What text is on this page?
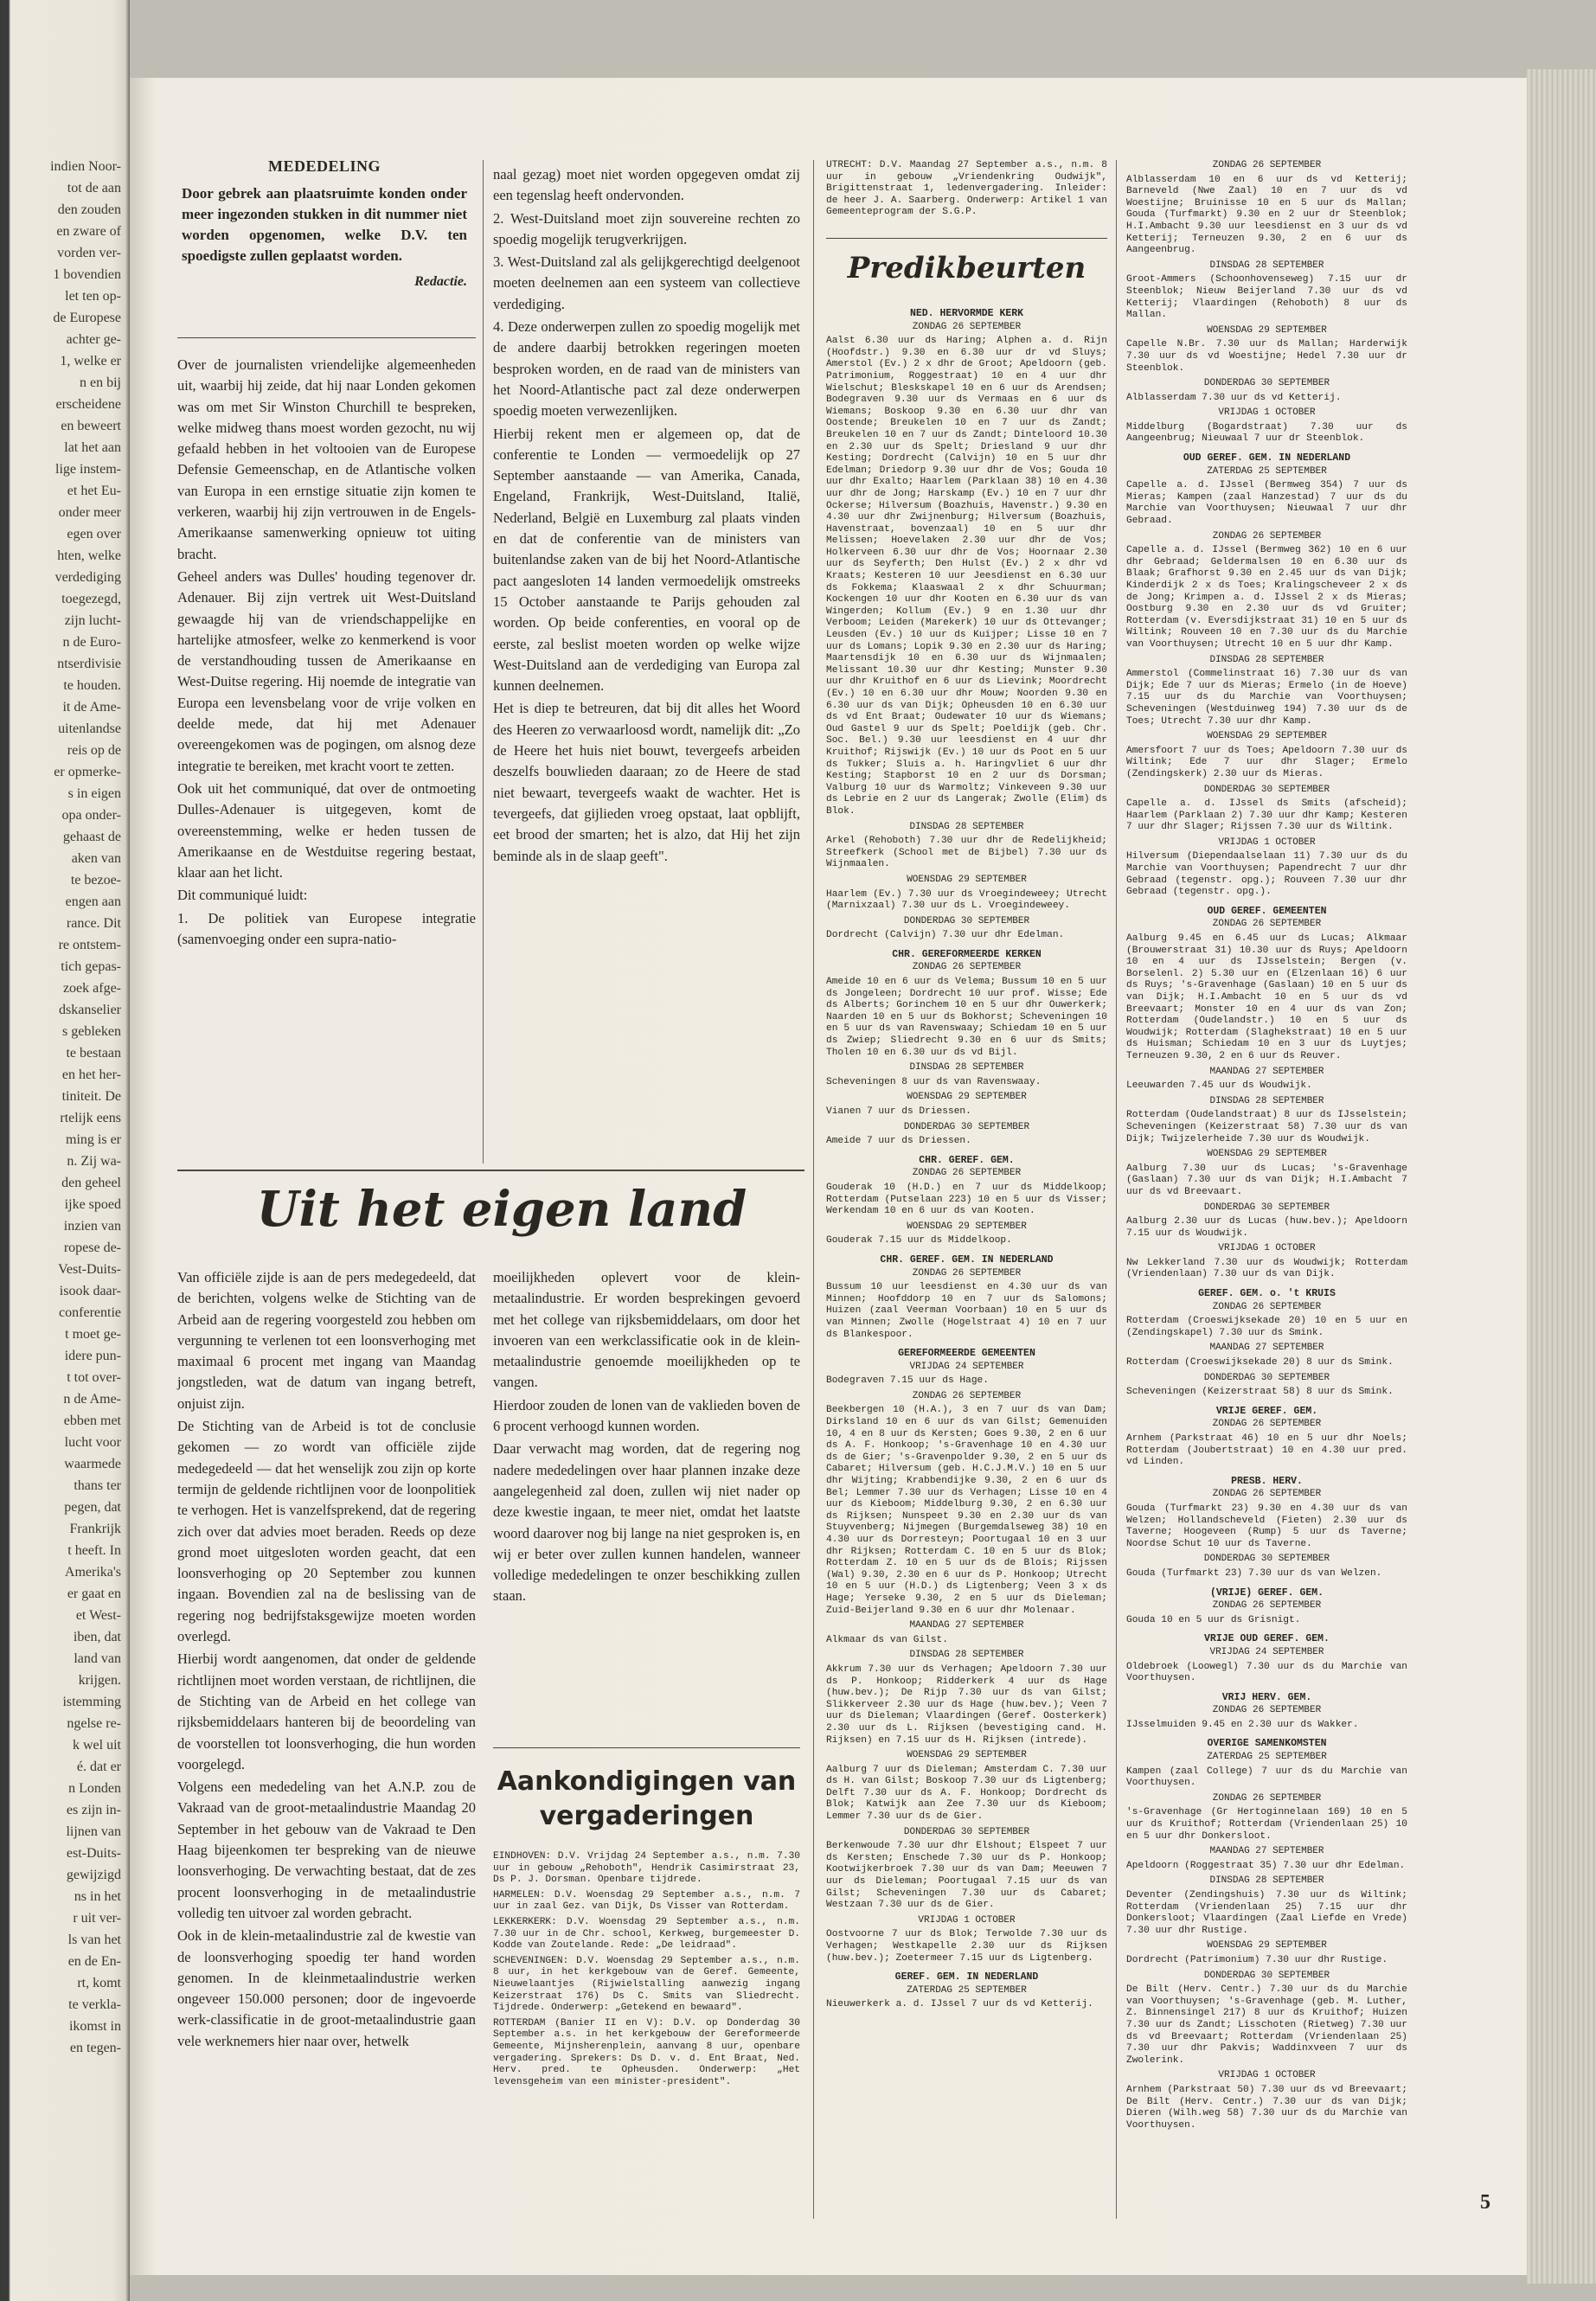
indien Noor-
tot de aan
den zouden
en zware of
vorden ver-
1 bovendien
let ten op-
de Europese
achter ge-
1, welke er
n en bij
erscheidene
en beweert
lat het aan
lige instem-
et het Eu-
onder meer
egen over
hten, welke
verdediging
toegezegd,
zijn lucht-
n de Euro-
ntserdivisie
te houden.
it de Ame-
uitenlandse
reis op de
er opmerke-
s in eigen
opa onder-
gehaast de
aken van
te bezoe-
engen aan
rance. Dit
re ontstem-
tich gepas-
zoek afge-
dskanselier
s gebleken
te bestaan
en het her-
tiniteit. De
rtelijk eens
ming is er
n. Zij wa-
den geheel
ijke spoed
inzien van
ropese de-
Vest-Duits-
isook daar-
conferentie
t moet ge-
idere pun-
t tot over-
n de Ame-
ebben met
lucht voor
waarmede
thans ter
pegen, dat
Frankrijk
t heeft. In
Amerika's
er gaat en
et West-
iben, dat
land van
krijgen.
istemming
ngelse re-
k wel uit
é. dat er
n Londen
es zijn in-
lijnen van
est-Duits-
gewijzigd
ns in het
r uit ver-
ls van het
en de En-
rt, komt
te verkla-
ikomst in
en tegen-
MEDEDELING
Door gebrek aan plaatsruimte konden onder meer ingezonden stukken in dit nummer niet worden opgenomen, welke D.V. ten spoedigste zullen geplaatst worden.
Redactie.

Over de journalisten vriendelijke algemeenheden uit, waarbij hij zeide, dat hij naar Londen gekomen was om met Sir Winston Churchill te bespreken, welke midweg thans moest worden gezocht, nu wij gefaald hebben in het voltooien van de Europese Defensie Gemeenschap, en de Atlantische volken van Europa in een ernstige situatie zijn komen te verkeren, waarbij hij zijn vertrouwen in de Engels-Amerikaanse samenwerking opnieuw tot uiting bracht.

Geheel anders was Dulles' houding tegenover dr. Adenauer. Bij zijn vertrek uit West-Duitsland gewaagde hij van de vriendschappelijke en hartelijke atmosfeer, welke zo kenmerkend is voor de verstandhouding tussen de Amerikaanse en West-Duitse regering. Hij noemde de integratie van Europa een levensbelang voor de vrije volken en deelde mede, dat hij met Adenauer overeengekomen was de pogingen, om alsnog deze integratie te bereiken, met kracht voort te zetten.

Ook uit het communiqué, dat over de ontmoeting Dulles-Adenauer is uitgegeven, komt de overeenstemming, welke er heden tussen de Amerikaanse en de Westduitse regering bestaat, klaar aan het licht.

Dit communiqué luidt:

1. De politiek van Europese integratie (samenvoeging onder een supra-natio-

naal gezag) moet niet worden opgegeven omdat zij een tegenslag heeft ondervonden.

2. West-Duitsland moet zijn souvereine rechten zo spoedig mogelijk terugverkrijgen.

3. West-Duitsland zal als gelijkgerechtigd deelgenoot moeten deelnemen aan een systeem van collectieve verdediging.

4. Deze onderwerpen zullen zo spoedig mogelijk met de andere daarbij betrokken regeringen moeten besproken worden, en de raad van de ministers van het Noord-Atlantische pact zal deze onderwerpen spoedig moeten verwezenlijken.

Hierbij rekent men er algemeen op, dat de conferentie te Londen — vermoedelijk op 27 September aanstaande — van Amerika, Canada, Engeland, Frankrijk, West-Duitsland, Italië, Nederland, België en Luxemburg zal plaats vinden en dat de conferentie van de ministers van buitenlandse zaken van de bij het Noord-Atlantische pact aangesloten 14 landen vermoedelijk omstreeks 15 October aanstaande te Parijs gehouden zal worden. Op beide conferenties, en vooral op de eerste, zal beslist moeten worden op welke wijze West-Duitsland aan de verdediging van Europa zal kunnen deelnemen.

Het is diep te betreuren, dat bij dit alles het Woord des Heeren zo verwaarloosd wordt, namelijk dit: „Zo de Heere het huis niet bouwt, tevergeefs arbeiden deszelfs bouwlieden daaraan; zo de Heere de stad niet bewaart, tevergeefs waakt de wachter. Het is tevergeefs, dat gijlieden vroeg opstaat, laat opblijft, eet brood der smarten; het is alzo, dat Hij het zijn beminde als in de slaap geeft".

Uit het eigen land

Van officiële zijde is aan de pers medegedeeld, dat de berichten, volgens welke de Stichting van de Arbeid aan de regering voorgesteld zou hebben om vergunning te verlenen tot een loonsverhoging met maximaal 6 procent met ingang van Maandag jongstleden, wat de datum van ingang betreft, onjuist zijn.

De Stichting van de Arbeid is tot de conclusie gekomen — zo wordt van officiële zijde medegedeeld — dat het wenselijk zou zijn op korte termijn de geldende richtlijnen voor de loonpolitiek te verhogen. Het is vanzelfsprekend, dat de regering zich over dat advies moet beraden. Reeds op deze grond moet uitgesloten worden geacht, dat een loonsverhoging op 20 September zou kunnen ingaan. Bovendien zal na de beslissing van de regering nog bedrijfstaksgewijze moeten worden overlegd.

Hierbij wordt aangenomen, dat onder de geldende richtlijnen moet worden verstaan, de richtlijnen, die de Stichting van de Arbeid en het college van rijksbemiddelaars hanteren bij de beoordeling van de voorstellen tot loonsverhoging, die hun worden voorgelegd.

Volgens een mededeling van het A.N.P. zou de Vakraad van de groot-metaalindustrie Maandag 20 September in het gebouw van de Vakraad te Den Haag bijeenkomen ter bespreking van de nieuwe loonsverhoging. De verwachting bestaat, dat de zes procent loonsverhoging in de metaalindustrie volledig ten uitvoer zal worden gebracht.

Ook in de klein-metaalindustrie zal de kwestie van de loonsverhoging spoedig ter hand worden genomen. In de kleinmetaalindustrie werken ongeveer 150.000 personen; door de ingevoerde werk-classificatie in de groot-metaalindustrie gaan vele werknemers hier naar over, hetwelk

moeilijkheden oplevert voor de klein-metaalindustrie. Er worden besprekingen gevoerd met het college van rijksbemiddelaars, om door het invoeren van een werkclassificatie ook in de klein-metaalindustrie genoemde moeilijkheden op te vangen.

Hierdoor zouden de lonen van de vaklieden boven de 6 procent verhoogd kunnen worden.

Daar verwacht mag worden, dat de regering nog nadere mededelingen over haar plannen inzake deze aangelegenheid zal doen, zullen wij niet nader op deze kwestie ingaan, te meer niet, omdat het laatste woord daarover nog bij lange na niet gesproken is, en wij er beter over zullen kunnen handelen, wanneer volledige mededelingen te onzer beschikking zullen staan.

Aankondigingen van
vergaderingen

EINDHOVEN: D.V. Vrijdag 24 September a.s., n.m. 7.30 uur in gebouw „Rehoboth", Hendrik Casimirstraat 23, Ds P. J. Dorsman. Openbare tijdrede.

HARMELEN: D.V. Woensdag 29 September a.s., n.m. 7 uur in zaal Gez. van Dijk, Ds Visser van Rotterdam.

LEKKERKERK: D.V. Woensdag 29 September a.s., n.m. 7.30 uur in de Chr. school, Kerkweg, burgemeester D. Kodde van Zoutelande. Rede: „De leidraad".

SCHEVENINGEN: D.V. Woensdag 29 September a.s., n.m. 8 uur, in het kerkgebouw van de Geref. Gemeente, Nieuwelaantjes (Rijwielstalling aanwezig ingang Keizerstraat 176) Ds C. Smits van Sliedrecht. Tijdrede. Onderwerp: „Getekend en bewaard".

ROTTERDAM (Banier II en V): D.V. op Donderdag 30 September a.s. in het kerkgebouw der Gereformeerde Gemeente, Mijnsherenplein, aanvang 8 uur, openbare vergadering. Sprekers: Ds D. v. d. Ent Braat, Ned. Herv. pred. te Opheusden. Onderwerp: „Het levensgeheim van een minister-president".

UTRECHT: D.V. Maandag 27 September a.s., n.m. 8 uur in gebouw „Vriendenkring Oudwijk", Brigittenstraat 1, ledenvergadering. Inleider: de heer J. A. Saarberg. Onderwerp: Artikel 1 van Gemeenteprogram der S.G.P.
Predikbeurten
NED. HERVORMDE KERK
ZONDAG 26 SEPTEMBER

Aalst 6.30 uur ds Haring; Alphen a. d. Rijn (Hoofdstr.) 9.30 en 6.30 uur dr vd Sluys; Amerstol (Ev.) 2 x dhr de Groot; Apeldoorn (geb. Patrimonium, Roggestraat) 10 en 4 uur dhr Wielschut; Bleskskapel 10 en 6 uur ds Arendsen; Bodegraven 9.30 uur ds Vermaas en 6 uur ds Wiemans; Boskoop 9.30 en 6.30 uur dhr van Oostende; Breukelen 10 en 7 uur ds Zandt; Breukelen 10 en 7 uur ds Zandt; Dinteloord 10.30 en 2.30 uur ds Spelt; Driesland 9 uur dhr Kesting; Dordrecht (Calvijn) 10 en 5 uur dhr Edelman; Driedorp 9.30 uur dhr de Vos; Gouda 10 uur dhr Exalto; Haarlem (Parklaan 38) 10 en 4.30 uur dhr de Jong; Harskamp (Ev.) 10 en 7 uur dhr Ockerse; Hilversum (Boazhuis, Havenstr.) 9.30 en 4.30 uur dhr Zwijnenburg; Hilversum (Boazhuis, Havenstraat, bovenzaal) 10 en 5 uur dhr Melissen; Hoevelaken 2.30 uur dhr de Vos; Holkerveen 6.30 uur dhr de Vos; Hoornaar 2.30 uur ds Seyferth; Den Hulst (Ev.) 2 x dhr vd Kraats; Kesteren 10 uur Jeesdienst en 6.30 uur ds Fokkema; Klaaswaal 2 x dhr Schuurman; Kockengen 10 uur dhr Kooten en 6.30 uur ds van Wingerden; Kollum (Ev.) 9 en 1.30 uur dhr Verboom; Leiden (Marekerk) 10 uur ds Ottevanger; Leusden (Ev.) 10 uur ds Kuijper; Lisse 10 en 7 uur ds Lomans; Lopik 9.30 en 2.30 uur ds Haring; Maartensdijk 10 en 6.30 uur ds Wijnmaalen; Melissant 10.30 uur dhr Kesting; Munster 9.30 uur dhr Kruithof en 6 uur ds Lievink; Moordrecht (Ev.) 10 en 6.30 uur dhr Mouw; Noorden 9.30 en 6.30 uur ds van Dijk; Opheusden 10 en 6.30 uur ds vd Ent Braat; Oudewater 10 uur ds Wiemans; Oud Gastel 9 uur ds Spelt; Poeldijk (geb. Chr. Soc. Bel.) 9.30 uur leesdienst en 4 uur dhr Kruithof; Rijswijk (Ev.) 10 uur ds Poot en 5 uur ds Tukker; Sluis a. h. Haringvliet 6 uur dhr Kesting; Stapborst 10 en 2 uur ds Dorsman; Valburg 10 uur ds Warmoltz; Vinkeveen 9.30 uur ds Lebrie en 2 uur ds Langerak; Zwolle (Elim) ds Blok.

DINSDAG 28 SEPTEMBER

Arkel (Rehoboth) 7.30 uur dhr de Redelijkheid; Streefkerk (School met de Bijbel) 7.30 uur ds Wijnmaalen.

WOENSDAG 29 SEPTEMBER

Haarlem (Ev.) 7.30 uur ds Vroegindeweey; Utrecht (Marnixzaal) 7.30 uur ds L. Vroegindeweey.

DONDERDAG 30 SEPTEMBER

Dordrecht (Calvijn) 7.30 uur dhr Edelman.

CHR. GEREFORMEERDE KERKEN
ZONDAG 26 SEPTEMBER

Ameide 10 en 6 uur ds Velema; Bussum 10 en 5 uur ds Jongeleen; Dordrecht 10 uur prof. Wisse; Ede ds Alberts; Gorinchem 10 en 5 uur dhr Ouwerkerk; Naarden 10 en 5 uur ds Bokhorst; Scheveningen 10 en 5 uur ds van Ravenswaay; Schiedam 10 en 5 uur ds Zwiep; Sliedrecht 9.30 en 6 uur ds Smits; Tholen 10 en 6.30 uur ds vd Bijl.

DINSDAG 28 SEPTEMBER

Scheveningen 8 uur ds van Ravenswaay.

WOENSDAG 29 SEPTEMBER

Vianen 7 uur ds Driessen.

DONDERDAG 30 SEPTEMBER

Ameide 7 uur ds Driessen.

CHR. GEREF. GEM.
ZONDAG 26 SEPTEMBER

Gouderak 10 (H.D.) en 7 uur ds Middelkoop; Rotterdam (Putselaan 223) 10 en 5 uur ds Visser; Werkendam 10 en 6 uur ds van Kooten.

WOENSDAG 29 SEPTEMBER

Gouderak 7.15 uur ds Middelkoop.

CHR. GEREF. GEM. IN NEDERLAND
ZONDAG 26 SEPTEMBER

Bussum 10 uur leesdienst en 4.30 uur ds van Minnen; Hoofddorp 10 en 7 uur ds Salomons; Huizen (zaal Veerman Voorbaan) 10 en 5 uur ds van Minnen; Zwolle (Hogelstraat 4) 10 en 7 uur ds Blankespoor.

GEREFORMEERDE GEMEENTEN
VRIJDAG 24 SEPTEMBER

Bodegraven 7.15 uur ds Hage.

ZONDAG 26 SEPTEMBER

Beekbergen 10 (H.A.), 3 en 7 uur ds van Dam; Dirksland 10 en 6 uur ds van Gilst; Gemenuiden 10, 4 en 8 uur ds Kersten; Goes 9.30, 2 en 6 uur ds A. F. Honkoop; 's-Gravenhage 10 en 4.30 uur ds de Gier; 's-Gravenpolder 9.30, 2 en 5 uur ds Cabaret; Hilversum (geb. H.C.J.M.V.) 10 en 5 uur dhr Wijting; Krabbendijke 9.30, 2 en 6 uur ds Bel; Lemmer 7.30 uur ds Verhagen; Lisse 10 en 4 uur ds Kieboom; Middelburg 9.30, 2 en 6.30 uur ds Rijksen; Nunspeet 9.30 en 2.30 uur ds van Stuyvenberg; Nijmegen (Burgemdalseweg 38) 10 en 4.30 uur ds Dorresteyn; Poortugaal 10 en 3 uur dhr Rijksen; Rotterdam C. 10 en 5 uur ds Blok; Rotterdam Z. 10 en 5 uur ds de Blois; Rijssen (Wal) 9.30, 2.30 en 6 uur ds P. Honkoop; Utrecht 10 en 5 uur (H.D.) ds Ligtenberg; Veen 3 x ds Hage; Yerseke 9.30, 2 en 5 uur ds Dieleman; Zuid-Beijerland 9.30 en 6 uur dhr Molenaar.

MAANDAG 27 SEPTEMBER

Alkmaar ds van Gilst.

DINSDAG 28 SEPTEMBER

Akkrum 7.30 uur ds Verhagen; Apeldoorn 7.30 uur ds P. Honkoop; Ridderkerk 4 uur ds Hage (huw.bev.); De Rijp 7.30 uur ds van Gilst; Slikkerveer 2.30 uur ds Hage (huw.bev.); Veen 7 uur ds Dieleman; Vlaardingen (Geref. Oosterkerk) 2.30 uur ds L. Rijksen (bevestiging cand. H. Rijksen) en 7.15 uur ds H. Rijksen (intrede).

WOENSDAG 29 SEPTEMBER

Aalburg 7 uur ds Dieleman; Amsterdam C. 7.30 uur ds H. van Gilst; Boskoop 7.30 uur ds Ligtenberg; Delft 7.30 uur ds A. F. Honkoop; Dordrecht ds Blok; Katwijk aan Zee 7.30 uur ds Kieboom; Lemmer 7.30 uur ds de Gier.

DONDERDAG 30 SEPTEMBER

Berkenwoude 7.30 uur dhr Elshout; Elspeet 7 uur ds Kersten; Enschede 7.30 uur ds P. Honkoop; Kootwijkerbroek 7.30 uur ds van Dam; Meeuwen 7 uur ds Dieleman; Poortugaal 7.15 uur ds van Gilst; Scheveningen 7.30 uur ds Cabaret; Westzaan 7.30 uur ds de Gier.

VRIJDAG 1 OCTOBER

Oostvoorne 7 uur ds Blok; Terwolde 7.30 uur ds Verhagen; Westkapelle 2.30 uur ds Rijksen (huw.bev.); Zoetermeer 7.15 uur ds Ligtenberg.

GEREF. GEM. IN NEDERLAND
ZATERDAG 25 SEPTEMBER

Nieuwerkerk a. d. IJssel 7 uur ds vd Ketterij.

ZONDAG 26 SEPTEMBER

Alblasserdam 10 en 6 uur ds vd Ketterij; Barneveld (Nwe Zaal) 10 en 7 uur ds vd Woestijne; Bruinisse 10 en 5 uur ds Mallan; Gouda (Turfmarkt) 9.30 en 2 uur dr Steenblok; H.I.Ambacht 9.30 uur leesdienst en 3 uur ds vd Ketterij; Terneuzen 9.30, 2 en 6 uur ds Aangeenbrug.

DINSDAG 28 SEPTEMBER

Groot-Ammers (Schoonhovenseweg) 7.15 uur dr Steenblok; Nieuw Beijerland 7.30 uur ds vd Ketterij; Vlaardingen (Rehoboth) 8 uur ds Mallan.

WOENSDAG 29 SEPTEMBER

Capelle N.Br. 7.30 uur ds Mallan; Harderwijk 7.30 uur ds vd Woestijne; Hedel 7.30 uur dr Steenblok.

DONDERDAG 30 SEPTEMBER

Alblasserdam 7.30 uur ds vd Ketterij.

VRIJDAG 1 OCTOBER

Middelburg (Bogardstraat) 7.30 uur ds Aangeenbrug; Nieuwaal 7 uur dr Steenblok.

OUD GEREF. GEM. IN NEDERLAND
ZATERDAG 25 SEPTEMBER

Capelle a. d. IJssel (Bermweg 354) 7 uur ds Mieras; Kampen (zaal Hanzestad) 7 uur ds du Marchie van Voorthuysen; Nieuwaal 7 uur dhr Gebraad.

ZONDAG 26 SEPTEMBER

Capelle a. d. IJssel (Bermweg 362) 10 en 6 uur dhr Gebraad; Geldermalsen 10 en 6.30 uur ds Blaak; Grafhorst 9.30 en 2.45 uur ds van Dijk; Kinderdijk 2 x ds Toes; Kralingscheveer 2 x ds de Jong; Krimpen a. d. IJssel 2 x ds Mieras; Oostburg 9.30 en 2.30 uur ds vd Gruiter; Rotterdam (v. Eversdijkstraat 31) 10 en 5 uur ds Wiltink; Rouveen 10 en 7.30 uur ds du Marchie van Voorthuysen; Utrecht 10 en 5 uur dhr Kamp.

DINSDAG 28 SEPTEMBER

Ammerstol (Commelinstraat 16) 7.30 uur ds van Dijk; Ede 7 uur ds Mieras; Ermelo (in de Hoeve) 7.15 uur ds du Marchie van Voorthuysen; Scheveningen (Westduinweg 194) 7.30 uur ds de Toes; Utrecht 7.30 uur dhr Kamp.

WOENSDAG 29 SEPTEMBER

Amersfoort 7 uur ds Toes; Apeldoorn 7.30 uur ds Wiltink; Ede 7 uur dhr Slager; Ermelo (Zendingskerk) 2.30 uur ds Mieras.

DONDERDAG 30 SEPTEMBER

Capelle a. d. IJssel ds Smits (afscheid); Haarlem (Parklaan 2) 7.30 uur dhr Kamp; Kesteren 7 uur dhr Slager; Rijssen 7.30 uur ds Wiltink.

VRIJDAG 1 OCTOBER

Hilversum (Diependaalselaan 11) 7.30 uur ds du Marchie van Voorthuysen; Papendrecht 7 uur dhr Gebraad (tegenstr. opg.); Rouveen 7.30 uur dhr Gebraad (tegenstr. opg.).

OUD GEREF. GEMEENTEN
ZONDAG 26 SEPTEMBER

Aalburg 9.45 en 6.45 uur ds Lucas; Alkmaar (Brouwerstraat 31) 10.30 uur ds Ruys; Apeldoorn 10 en 4 uur ds IJsselstein; Bergen (v. Borselenl. 2) 5.30 uur en (Elzenlaan 16) 6 uur ds Ruys; 's-Gravenhage (Gaslaan) 10 en 5 uur ds van Dijk; H.I.Ambacht 10 en 5 uur ds vd Breevaart; Monster 10 en 4 uur ds van Zon; Rotterdam (Oudelandstr.) 10 en 5 uur ds Woudwijk; Rotterdam (Slaghekstraat) 10 en 5 uur ds Huisman; Schiedam 10 en 3 uur ds Luytjes; Terneuzen 9.30, 2 en 6 uur ds Reuver.

MAANDAG 27 SEPTEMBER

Leeuwarden 7.45 uur ds Woudwijk.

DINSDAG 28 SEPTEMBER

Rotterdam (Oudelandstraat) 8 uur ds IJsselstein; Scheveningen (Keizerstraat 58) 7.30 uur ds van Dijk; Twijzelerheide 7.30 uur ds Woudwijk.

WOENSDAG 29 SEPTEMBER

Aalburg 7.30 uur ds Lucas; 's-Gravenhage (Gaslaan) 7.30 uur ds van Dijk; H.I.Ambacht 7 uur ds vd Breevaart.

DONDERDAG 30 SEPTEMBER

Aalburg 2.30 uur ds Lucas (huw.bev.); Apeldoorn 7.15 uur ds Woudwijk.

VRIJDAG 1 OCTOBER

Nw Lekkerland 7.30 uur ds Woudwijk; Rotterdam (Vriendenlaan) 7.30 uur ds van Dijk.

GEREF. GEM. o. 't KRUIS
ZONDAG 26 SEPTEMBER

Rotterdam (Croeswijksekade 20) 10 en 5 uur en (Zendingskapel) 7.30 uur ds Smink.

MAANDAG 27 SEPTEMBER

Rotterdam (Croeswijksekade 20) 8 uur ds Smink.

DONDERDAG 30 SEPTEMBER

Scheveningen (Keizerstraat 58) 8 uur ds Smink.

VRIJE GEREF. GEM.
ZONDAG 26 SEPTEMBER

Arnhem (Parkstraat 46) 10 en 5 uur dhr Noels; Rotterdam (Joubertstraat) 10 en 4.30 uur pred. vd Linden.

PRESB. HERV.
ZONDAG 26 SEPTEMBER

Gouda (Turfmarkt 23) 9.30 en 4.30 uur ds van Welzen; Hollandscheveld (Fieten) 2.30 uur ds Taverne; Hoogeveen (Rump) 5 uur ds Taverne; Noordse Schut 10 uur ds Taverne.

DONDERDAG 30 SEPTEMBER

Gouda (Turfmarkt 23) 7.30 uur ds van Welzen.

(VRIJE) GEREF. GEM.
ZONDAG 26 SEPTEMBER

Gouda 10 en 5 uur ds Grisnigt.

VRIJE OUD GEREF. GEM.
VRIJDAG 24 SEPTEMBER

Oldebroek (Loowegl) 7.30 uur ds du Marchie van Voorthuysen.

VRIJ HERV. GEM.
ZONDAG 26 SEPTEMBER

IJsselmuiden 9.45 en 2.30 uur ds Wakker.

OVERIGE SAMENKOMSTEN
ZATERDAG 25 SEPTEMBER

Kampen (zaal College) 7 uur ds du Marchie van Voorthuysen.

ZONDAG 26 SEPTEMBER

's-Gravenhage (Gr Hertoginnelaan 169) 10 en 5 uur ds Kruithof; Rotterdam (Vriendenlaan 25) 10 en 5 uur dhr Donkersloot.

MAANDAG 27 SEPTEMBER

Apeldoorn (Roggestraat 35) 7.30 uur dhr Edelman.

DINSDAG 28 SEPTEMBER

Deventer (Zendingshuis) 7.30 uur ds Wiltink; Rotterdam (Vriendenlaan 25) 7.15 uur dhr Donkersloot; Vlaardingen (Zaal Liefde en Vrede) 7.30 uur dhr Rustige.

WOENSDAG 29 SEPTEMBER

Dordrecht (Patrimonium) 7.30 uur dhr Rustige.

DONDERDAG 30 SEPTEMBER

De Bilt (Herv. Centr.) 7.30 uur ds du Marchie van Voorthuysen; 's-Gravenhage (geb. M. Luther, Z. Binnensingel 217) 8 uur ds Kruithof; Huizen 7.30 uur ds Zandt; Lisschoten (Rietweg) 7.30 uur ds vd Breevaart; Rotterdam (Vriendenlaan 25) 7.30 uur dhr Pakvis; Waddinxveen 7 uur ds Zwolerink.

VRIJDAG 1 OCTOBER

Arnhem (Parkstraat 50) 7.30 uur ds vd Breevaart; De Bilt (Herv. Centr.) 7.30 uur ds van Dijk; Dieren (Wilh.weg 58) 7.30 uur ds du Marchie van Voorthuysen.

5
